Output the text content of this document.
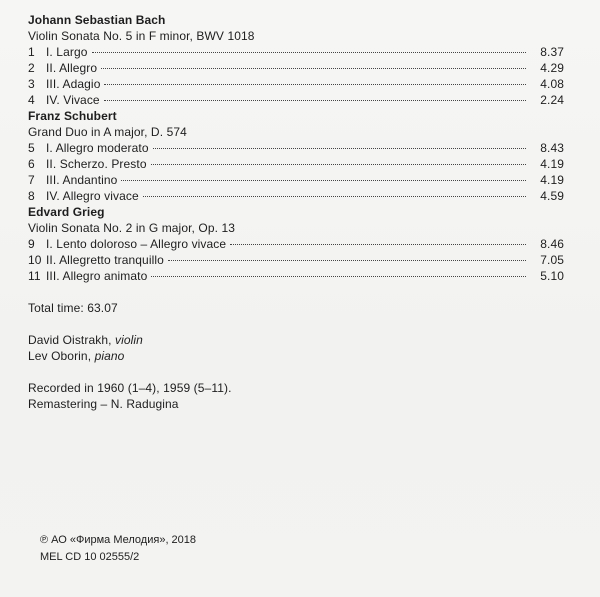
Johann Sebastian Bach
Violin Sonata No. 5 in F minor, BWV 1018
1 I. Largo	8.37
2 II. Allegro	4.29
3 III. Adagio	4.08
4 IV. Vivace	2.24
Franz Schubert
Grand Duo in A major, D. 574
5 I. Allegro moderato	8.43
6 II. Scherzo. Presto	4.19
7 III. Andantino	4.19
8 IV. Allegro vivace	4.59
Edvard Grieg
Violin Sonata No. 2 in G major, Op. 13
9 I. Lento doloroso – Allegro vivace	8.46
10 II. Allegretto tranquillo	7.05
11 III. Allegro animato	5.10
Total time: 63.07
David Oistrakh, violin
Lev Oborin, piano
Recorded in 1960 (1–4), 1959 (5–11).
Remastering – N. Radugina
℗ АО «Фирма Мелодия», 2018
MEL CD 10 02555/2
